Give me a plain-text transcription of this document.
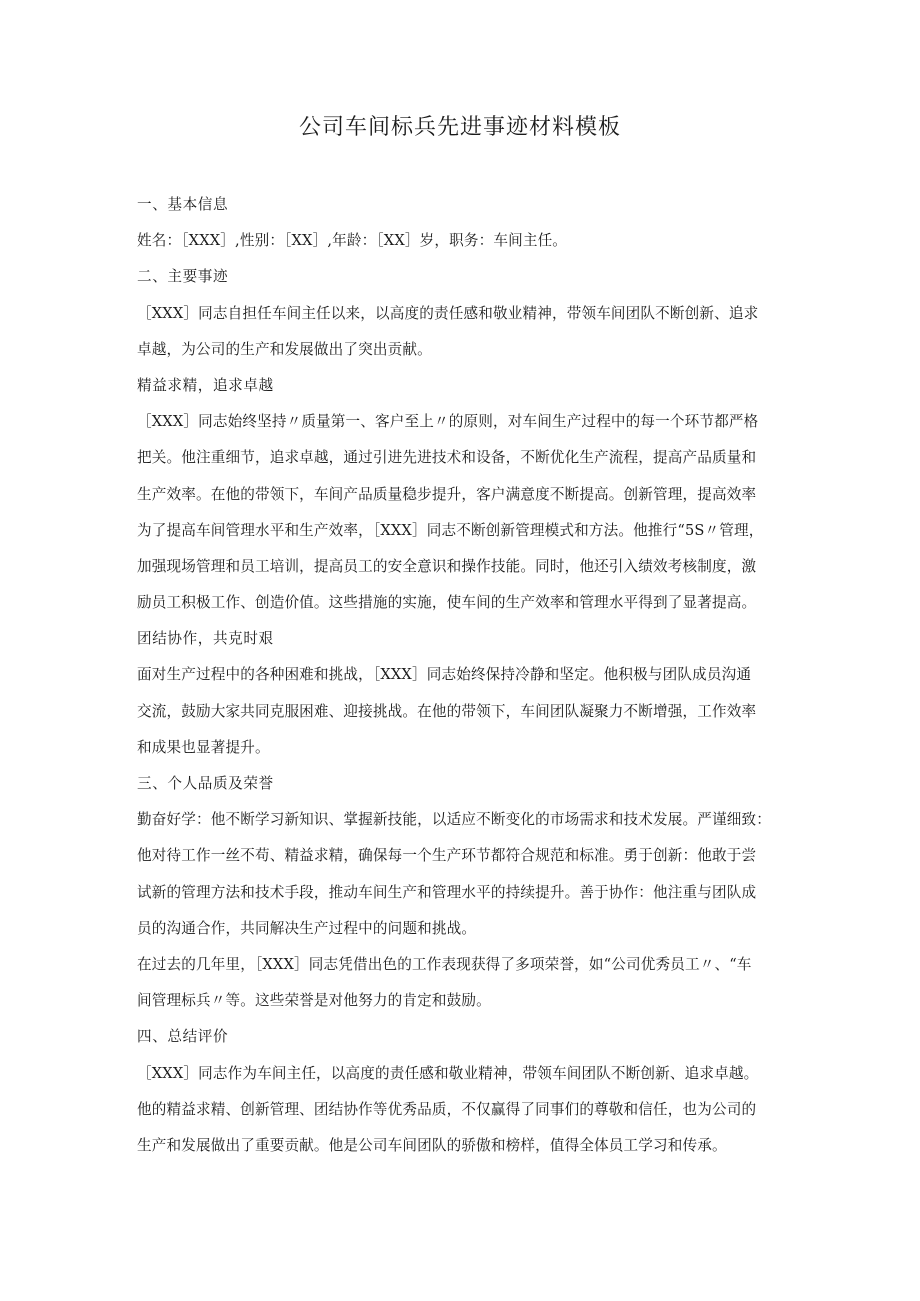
公司车间标兵先进事迹材料模板

一、基本信息

姓名：［XXX］,性别：［XX］,年龄：［XX］岁，职务：车间主任。

二、主要事迹

［XXX］同志自担任车间主任以来，以高度的责任感和敬业精神，带领车间团队不断创新、追求

卓越，为公司的生产和发展做出了突出贡献。

精益求精，追求卓越

［XXX］同志始终坚持〃质量第一、客户至上〃的原则，对车间生产过程中的每一个环节都严格

把关。他注重细节，追求卓越，通过引进先进技术和设备，不断优化生产流程，提高产品质量和

生产效率。在他的带领下，车间产品质量稳步提升，客户满意度不断提高。创新管理，提高效率

为了提高车间管理水平和生产效率，［XXX］同志不断创新管理模式和方法。他推行“5S〃管理，

加强现场管理和员工培训，提高员工的安全意识和操作技能。同时，他还引入绩效考核制度，激

励员工积极工作、创造价值。这些措施的实施，使车间的生产效率和管理水平得到了显著提高。

团结协作，共克时艰

面对生产过程中的各种困难和挑战，［XXX］同志始终保持冷静和坚定。他积极与团队成员沟通

交流，鼓励大家共同克服困难、迎接挑战。在他的带领下，车间团队凝聚力不断增强，工作效率

和成果也显著提升。

三、个人品质及荣誉

勤奋好学：他不断学习新知识、掌握新技能，以适应不断变化的市场需求和技术发展。严谨细致：

他对待工作一丝不苟、精益求精，确保每一个生产环节都符合规范和标准。勇于创新：他敢于尝

试新的管理方法和技术手段，推动车间生产和管理水平的持续提升。善于协作：他注重与团队成

员的沟通合作，共同解决生产过程中的问题和挑战。

在过去的几年里，［XXX］同志凭借出色的工作表现获得了多项荣誉，如“公司优秀员工〃、“车

间管理标兵〃等。这些荣誉是对他努力的肯定和鼓励。

四、总结评价

［XXX］同志作为车间主任，以高度的责任感和敬业精神，带领车间团队不断创新、追求卓越。

他的精益求精、创新管理、团结协作等优秀品质，不仅赢得了同事们的尊敬和信任，也为公司的

生产和发展做出了重要贡献。他是公司车间团队的骄傲和榜样，值得全体员工学习和传承。
